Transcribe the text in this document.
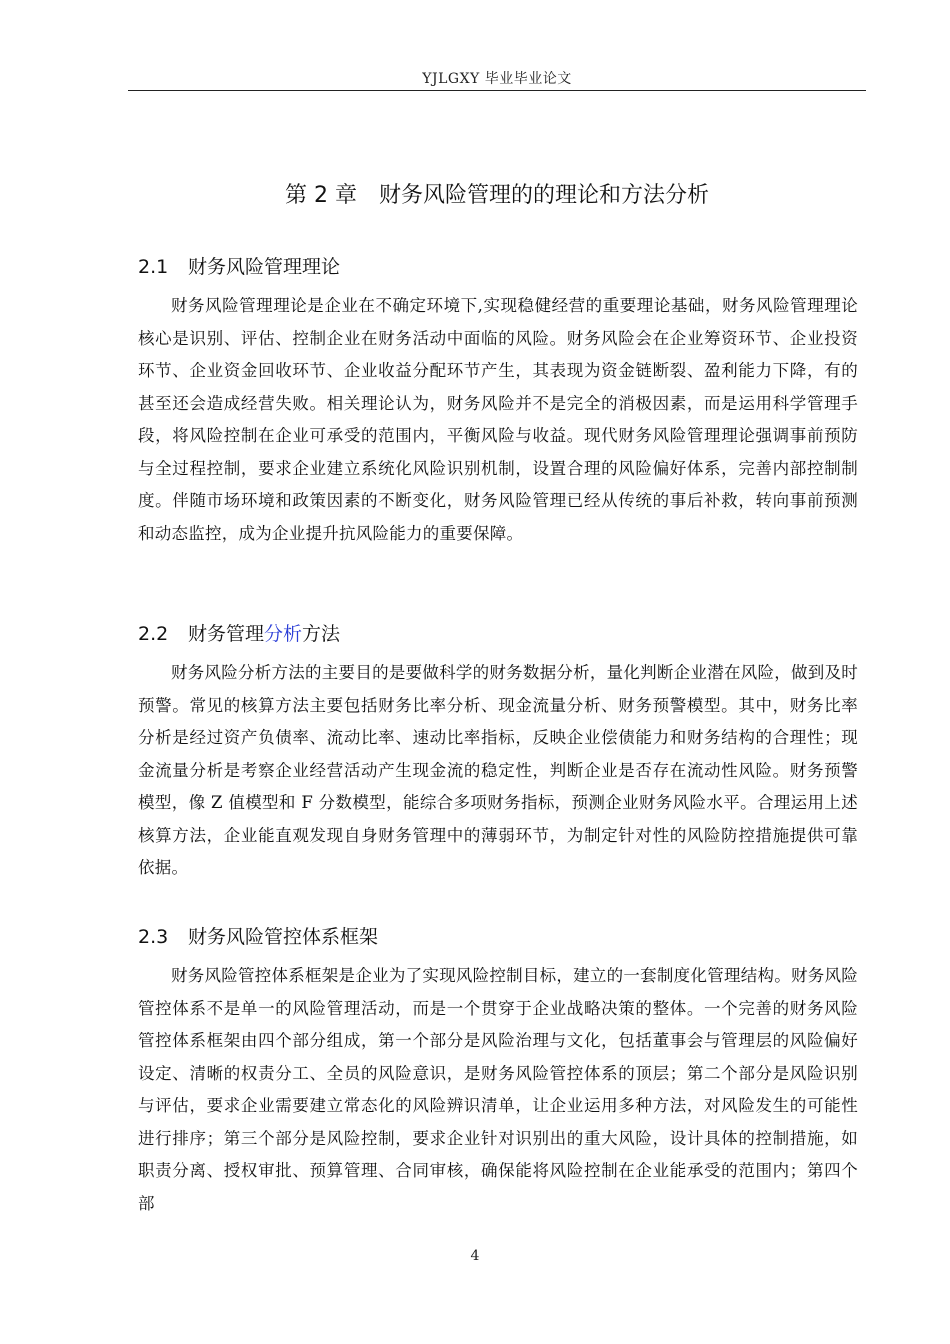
YJLGXY 毕业毕业论文
第 2 章　财务风险管理的的理论和方法分析
2.1 财务风险管理理论

财务风险管理理论是企业在不确定环境下,实现稳健经营的重要理论基础，财务风险管理理论核心是识别、评估、控制企业在财务活动中面临的风险。财务风险会在企业筹资环节、企业投资环节、企业资金回收环节、企业收益分配环节产生，其表现为资金链断裂、盈利能力下降，有的甚至还会造成经营失败。相关理论认为，财务风险并不是完全的消极因素，而是运用科学管理手段，将风险控制在企业可承受的范围内，平衡风险与收益。现代财务风险管理理论强调事前预防与全过程控制，要求企业建立系统化风险识别机制，设置合理的风险偏好体系，完善内部控制制度。伴随市场环境和政策因素的不断变化，财务风险管理已经从传统的事后补救，转向事前预测和动态监控，成为企业提升抗风险能力的重要保障。

2.2 财务管理分析方法

财务风险分析方法的主要目的是要做科学的财务数据分析，量化判断企业潜在风险，做到及时预警。常见的核算方法主要包括财务比率分析、现金流量分析、财务预警模型。其中，财务比率分析是经过资产负债率、流动比率、速动比率指标，反映企业偿债能力和财务结构的合理性；现金流量分析是考察企业经营活动产生现金流的稳定性，判断企业是否存在流动性风险。财务预警模型，像 Z 值模型和 F 分数模型，能综合多项财务指标，预测企业财务风险水平。合理运用上述核算方法，企业能直观发现自身财务管理中的薄弱环节，为制定针对性的风险防控措施提供可靠依据。

2.3 财务风险管控体系框架

财务风险管控体系框架是企业为了实现风险控制目标，建立的一套制度化管理结构。财务风险管控体系不是单一的风险管理活动，而是一个贯穿于企业战略决策的整体。一个完善的财务风险管控体系框架由四个部分组成，第一个部分是风险治理与文化，包括董事会与管理层的风险偏好设定、清晰的权责分工、全员的风险意识，是财务风险管控体系的顶层；第二个部分是风险识别与评估，要求企业需要建立常态化的风险辨识清单，让企业运用多种方法，对风险发生的可能性进行排序；第三个部分是风险控制，要求企业针对识别出的重大风险，设计具体的控制措施，如职责分离、授权审批、预算管理、合同审核，确保能将风险控制在企业能承受的范围内；第四个部

4
